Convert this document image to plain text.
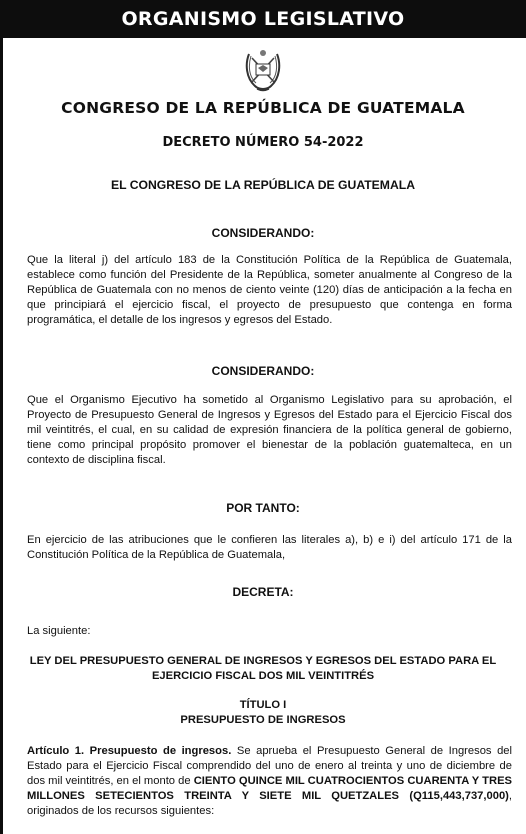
ORGANISMO LEGISLATIVO
CONGRESO DE LA REPÚBLICA DE GUATEMALA
DECRETO NÚMERO 54-2022
EL CONGRESO DE LA REPÚBLICA DE GUATEMALA
CONSIDERANDO:

Que la literal j) del artículo 183 de la Constitución Política de la República de Guatemala, establece como función del Presidente de la República, someter anualmente al Congreso de la República de Guatemala con no menos de ciento veinte (120) días de anticipación a la fecha en que principiará el ejercicio fiscal, el proyecto de presupuesto que contenga en forma programática, el detalle de los ingresos y egresos del Estado.

CONSIDERANDO:

Que el Organismo Ejecutivo ha sometido al Organismo Legislativo para su aprobación, el Proyecto de Presupuesto General de Ingresos y Egresos del Estado para el Ejercicio Fiscal dos mil veintitrés, el cual, en su calidad de expresión financiera de la política general de gobierno, tiene como principal propósito promover el bienestar de la población guatemalteca, en un contexto de disciplina fiscal.

POR TANTO:

En ejercicio de las atribuciones que le confieren las literales a), b) e i) del artículo 171 de la Constitución Política de la República de Guatemala,

DECRETA:

La siguiente:

LEY DEL PRESUPUESTO GENERAL DE INGRESOS Y EGRESOS DEL ESTADO PARA EL
EJERCICIO FISCAL DOS MIL VEINTITRÉS
TÍTULO I
PRESUPUESTO DE INGRESOS

Artículo 1. Presupuesto de ingresos. Se aprueba el Presupuesto General de Ingresos del Estado para el Ejercicio Fiscal comprendido del uno de enero al treinta y uno de diciembre de dos mil veintitrés, en el monto de CIENTO QUINCE MIL CUATROCIENTOS CUARENTA Y TRES MILLONES SETECIENTOS TREINTA Y SIETE MIL QUETZALES (Q115,443,737,000), originados de los recursos siguientes:
